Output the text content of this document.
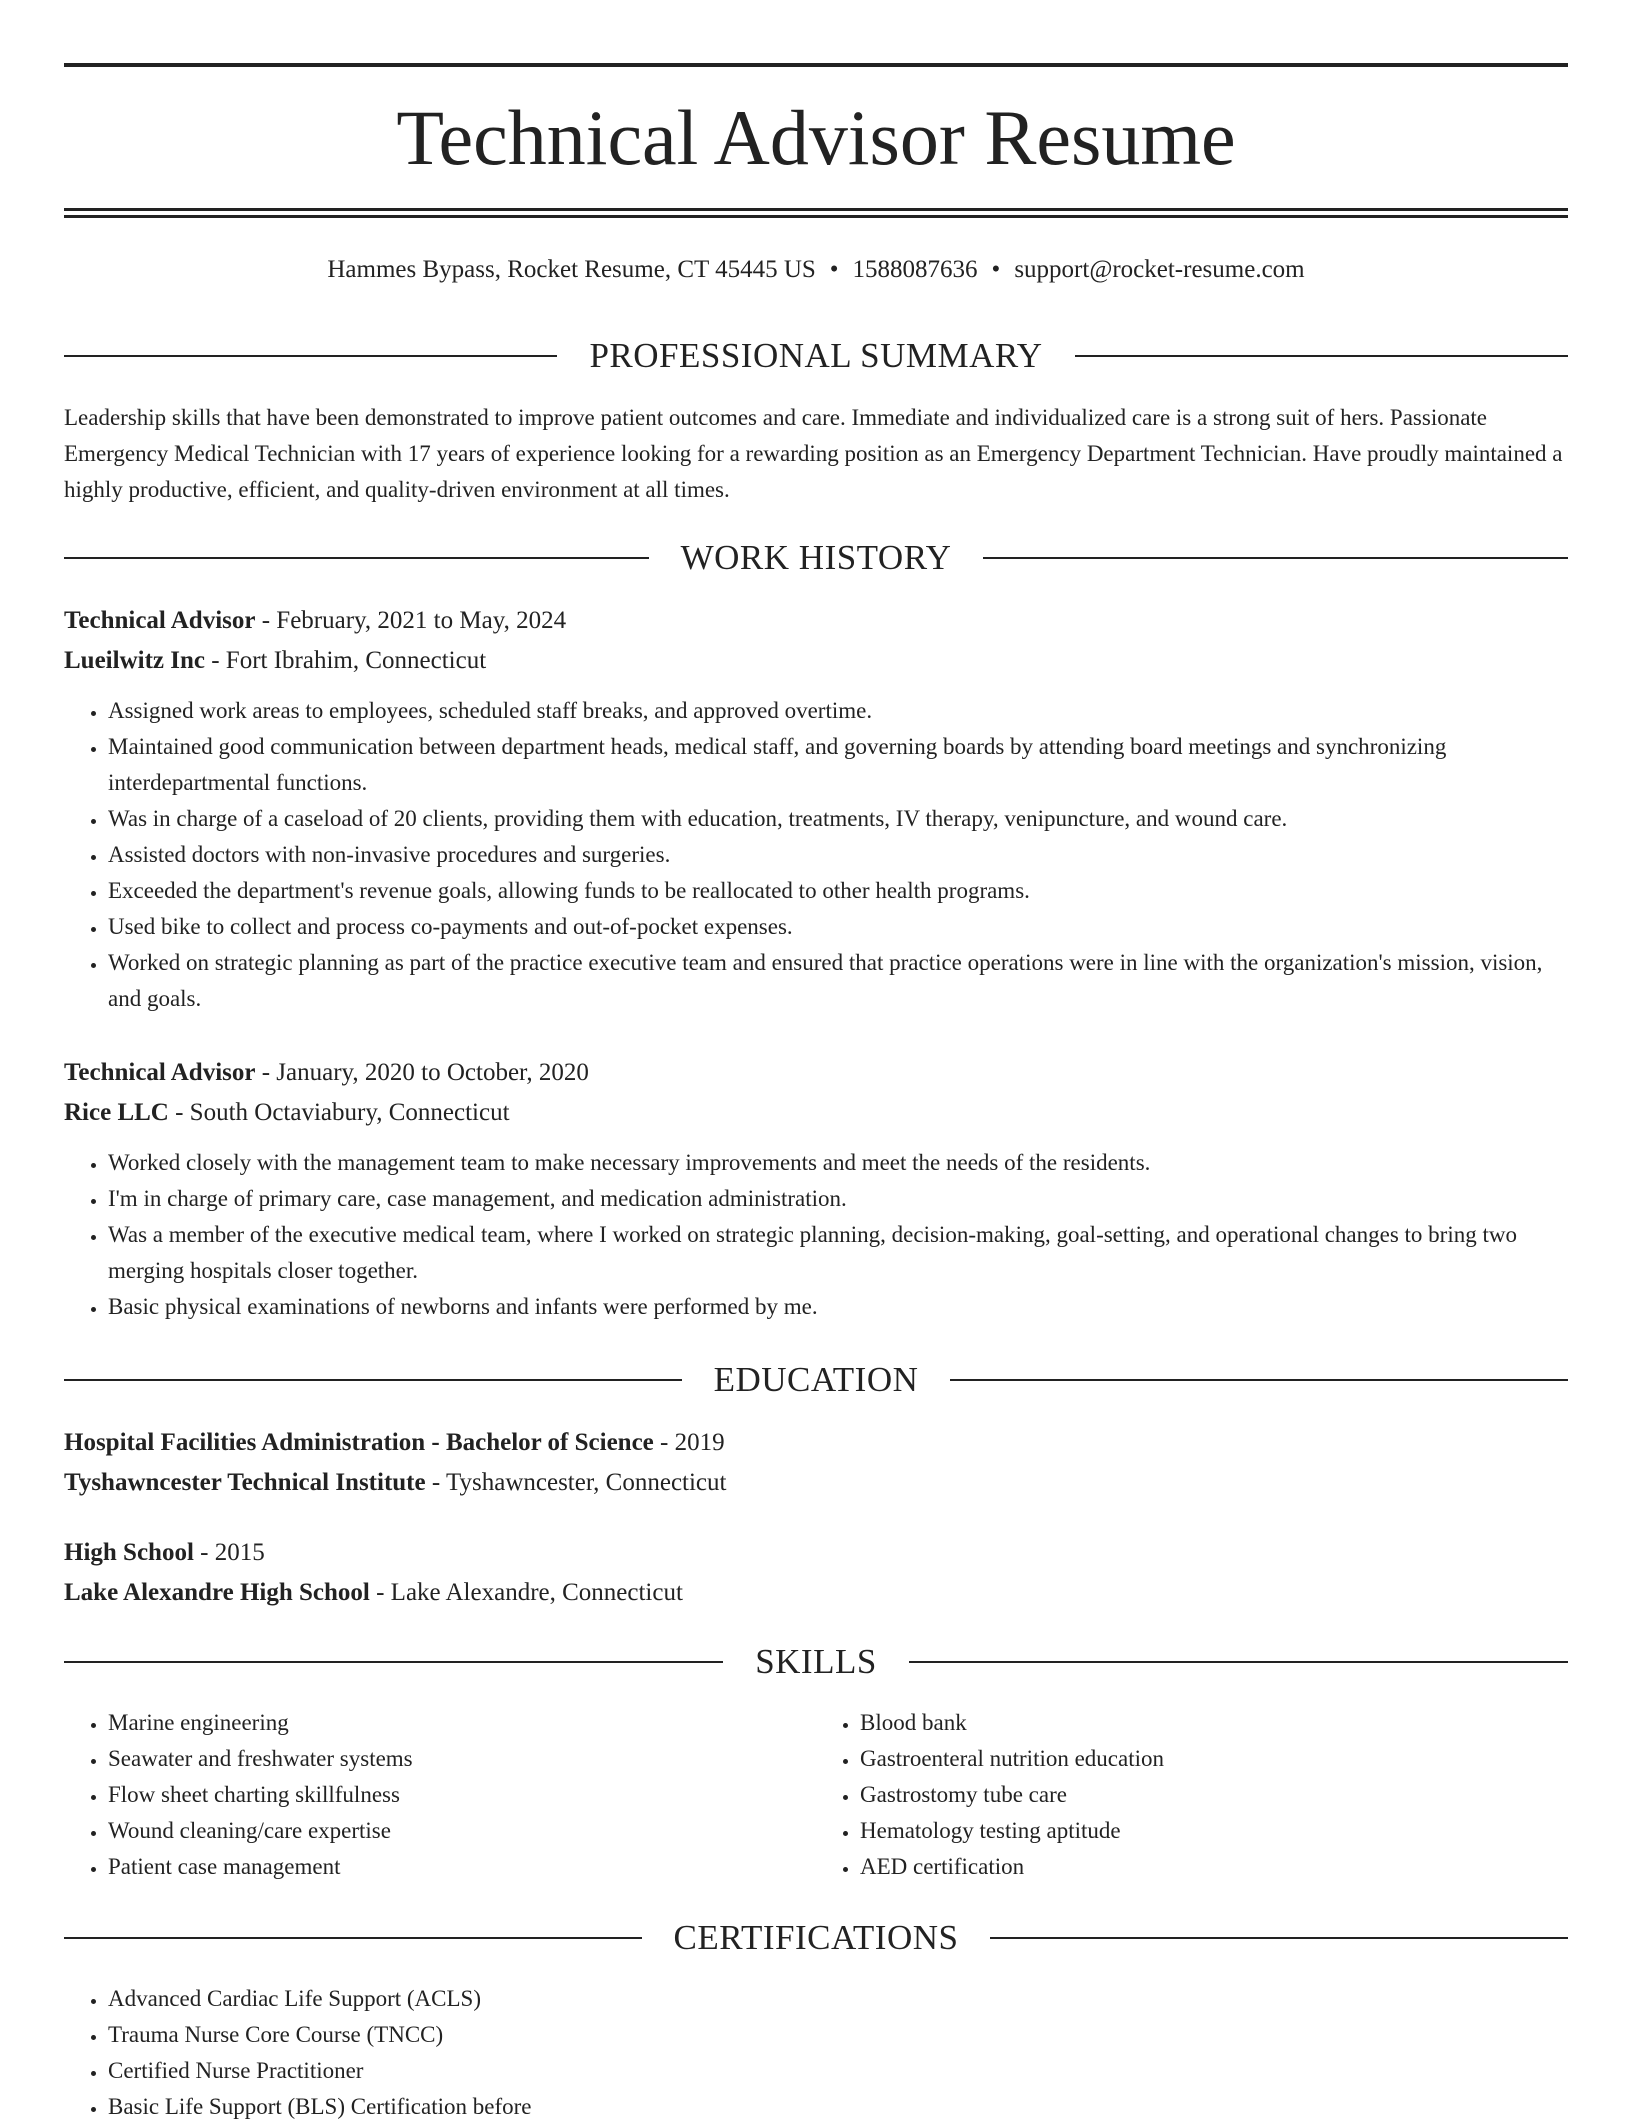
Technical Advisor Resume
Hammes Bypass, Rocket Resume, CT 45445 US • 1588087636 • support@rocket-resume.com
PROFESSIONAL SUMMARY

Leadership skills that have been demonstrated to improve patient outcomes and care. Immediate and individualized care is a strong suit of hers. Passionate Emergency Medical Technician with 17 years of experience looking for a rewarding position as an Emergency Department Technician. Have proudly maintained a highly productive, efficient, and quality-driven environment at all times.

WORK HISTORY
Technical Advisor - February, 2021 to May, 2024
Lueilwitz Inc - Fort Ibrahim, Connecticut
• Assigned work areas to employees, scheduled staff breaks, and approved overtime.
• Maintained good communication between department heads, medical staff, and governing boards by attending board meetings and synchronizing interdepartmental functions.
• Was in charge of a caseload of 20 clients, providing them with education, treatments, IV therapy, venipuncture, and wound care.
• Assisted doctors with non-invasive procedures and surgeries.
• Exceeded the department's revenue goals, allowing funds to be reallocated to other health programs.
• Used bike to collect and process co-payments and out-of-pocket expenses.
• Worked on strategic planning as part of the practice executive team and ensured that practice operations were in line with the organization's mission, vision, and goals.
Technical Advisor - January, 2020 to October, 2020
Rice LLC - South Octaviabury, Connecticut
• Worked closely with the management team to make necessary improvements and meet the needs of the residents.
• I'm in charge of primary care, case management, and medication administration.
• Was a member of the executive medical team, where I worked on strategic planning, decision-making, goal-setting, and operational changes to bring two merging hospitals closer together.
• Basic physical examinations of newborns and infants were performed by me.
EDUCATION
Hospital Facilities Administration - Bachelor of Science - 2019
Tyshawncester Technical Institute - Tyshawncester, Connecticut
High School - 2015
Lake Alexandre High School - Lake Alexandre, Connecticut
SKILLS
• Marine engineering
• Seawater and freshwater systems
• Flow sheet charting skillfulness
• Wound cleaning/care expertise
• Patient case management
• Blood bank
• Gastroenteral nutrition education
• Gastrostomy tube care
• Hematology testing aptitude
• AED certification
CERTIFICATIONS
• Advanced Cardiac Life Support (ACLS)
• Trauma Nurse Core Course (TNCC)
• Certified Nurse Practitioner
• Basic Life Support (BLS) Certification before
